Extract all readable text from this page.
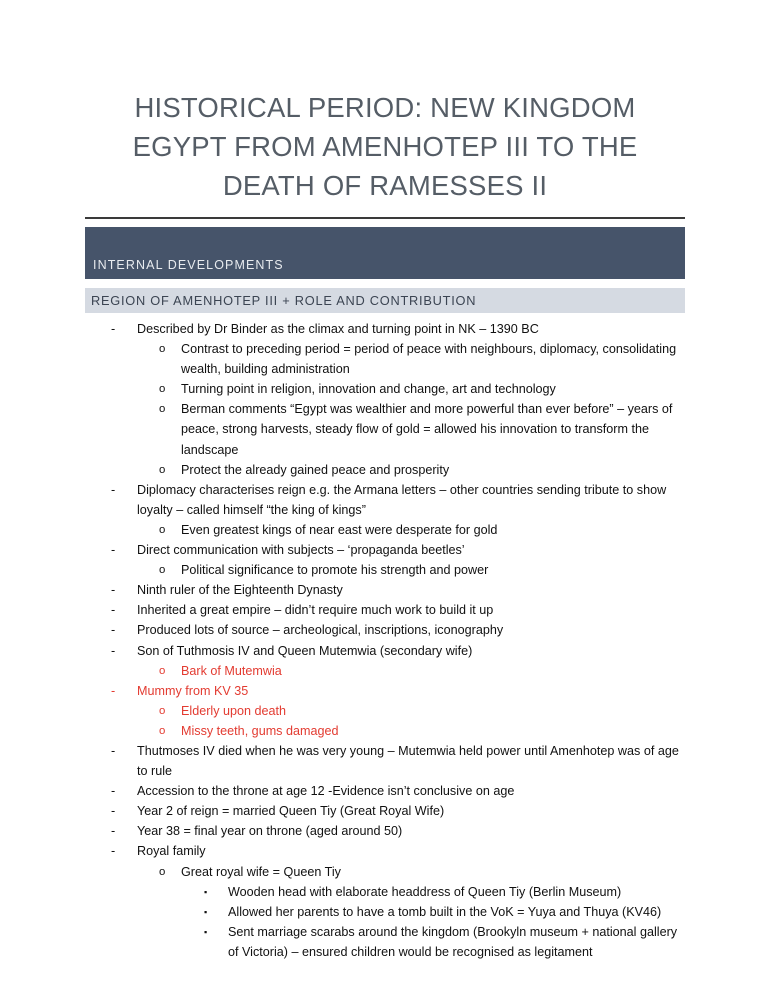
HISTORICAL PERIOD: NEW KINGDOM EGYPT FROM AMENHOTEP III TO THE DEATH OF RAMESSES II
INTERNAL DEVELOPMENTS
REGION OF AMENHOTEP III + ROLE AND CONTRIBUTION
- Described by Dr Binder as the climax and turning point in NK – 1390 BC
o Contrast to preceding period = period of peace with neighbours, diplomacy, consolidating wealth, building administration
o Turning point in religion, innovation and change, art and technology
o Berman comments “Egypt was wealthier and more powerful than ever before” – years of peace, strong harvests, steady flow of gold = allowed his innovation to transform the landscape
o Protect the already gained peace and prosperity
- Diplomacy characterises reign e.g. the Armana letters – other countries sending tribute to show loyalty – called himself “the king of kings”
o Even greatest kings of near east were desperate for gold
- Direct communication with subjects – ‘propaganda beetles’
o Political significance to promote his strength and power
- Ninth ruler of the Eighteenth Dynasty
- Inherited a great empire – didn’t require much work to build it up
- Produced lots of source – archeological, inscriptions, iconography
- Son of Tuthmosis IV and Queen Mutemwia (secondary wife)
o Bark of Mutemwia
- Mummy from KV 35
o Elderly upon death
o Missy teeth, gums damaged
- Thutmoses IV died when he was very young – Mutemwia held power until Amenhotep was of age to rule
- Accession to the throne at age 12 -Evidence isn’t conclusive on age
- Year 2 of reign = married Queen Tiy (Great Royal Wife)
- Year 38 = final year on throne (aged around 50)
- Royal family
o Great royal wife = Queen Tiy
▪ Wooden head with elaborate headdress of Queen Tiy (Berlin Museum)
▪ Allowed her parents to have a tomb built in the VoK = Yuya and Thuya (KV46)
▪ Sent marriage scarabs around the kingdom (Brookyln museum + national gallery of Victoria) – ensured children would be recognised as legitament
